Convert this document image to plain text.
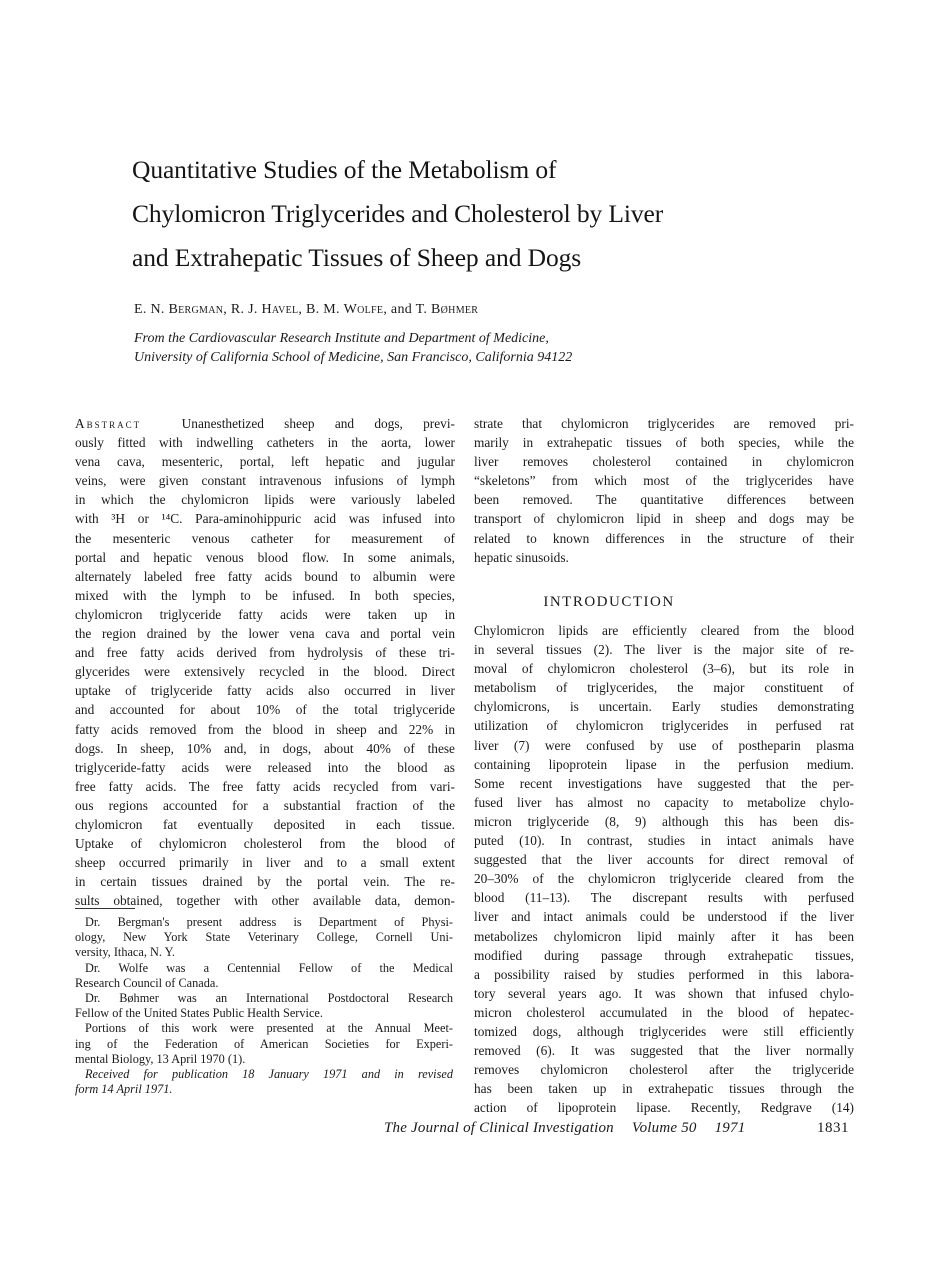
Quantitative Studies of the Metabolism of
Chylomicron Triglycerides and Cholesterol by Liver
and Extrahepatic Tissues of Sheep and Dogs
E. N. Bergman, R. J. Havel, B. M. Wolfe, and T. Bøhmer
From the Cardiovascular Research Institute and Department of Medicine,
University of California School of Medicine, San Francisco, California 94122
Abstract	Unanesthetized sheep and dogs, previ-
ously fitted with indwelling catheters in the aorta, lower
vena cava, mesenteric, portal, left hepatic and jugular
veins, were given constant intravenous infusions of lymph
in which the chylomicron lipids were variously labeled
with ³H or ¹⁴C. Para-aminohippuric acid was infused into
the mesenteric venous catheter for measurement of
portal and hepatic venous blood flow. In some animals,
alternately labeled free fatty acids bound to albumin were
mixed with the lymph to be infused. In both species,
chylomicron triglyceride fatty acids were taken up in
the region drained by the lower vena cava and portal vein
and free fatty acids derived from hydrolysis of these tri-
glycerides were extensively recycled in the blood. Direct
uptake of triglyceride fatty acids also occurred in liver
and accounted for about 10% of the total triglyceride
fatty acids removed from the blood in sheep and 22% in
dogs. In sheep, 10% and, in dogs, about 40% of these
triglyceride-fatty acids were released into the blood as
free fatty acids. The free fatty acids recycled from vari-
ous regions accounted for a substantial fraction of the
chylomicron fat eventually deposited in each tissue.
Uptake of chylomicron cholesterol from the blood of
sheep occurred primarily in liver and to a small extent
in certain tissues drained by the portal vein. The re-
sults obtained, together with other available data, demon-
Dr. Bergman's present address is Department of Physi-
ology, New York State Veterinary College, Cornell Uni-
versity, Ithaca, N. Y.
Dr. Wolfe was a Centennial Fellow of the Medical
Research Council of Canada.
Dr. Bøhmer was an International Postdoctoral Research
Fellow of the United States Public Health Service.
Portions of this work were presented at the Annual Meet-
ing of the Federation of American Societies for Experi-
mental Biology, 13 April 1970 (1).
Received for publication 18 January 1971 and in revised
form 14 April 1971.
strate that chylomicron triglycerides are removed pri-
marily in extrahepatic tissues of both species, while the
liver removes cholesterol contained in chylomicron
“skeletons” from which most of the triglycerides have
been removed. The quantitative differences between
transport of chylomicron lipid in sheep and dogs may be
related to known differences in the structure of their
hepatic sinusoids.
INTRODUCTION
Chylomicron lipids are efficiently cleared from the blood
in several tissues (2). The liver is the major site of re-
moval of chylomicron cholesterol (3–6), but its role in
metabolism of triglycerides, the major constituent of
chylomicrons, is uncertain. Early studies demonstrating
utilization of chylomicron triglycerides in perfused rat
liver (7) were confused by use of postheparin plasma
containing lipoprotein lipase in the perfusion medium.
Some recent investigations have suggested that the per-
fused liver has almost no capacity to metabolize chylo-
micron triglyceride (8, 9) although this has been dis-
puted (10). In contrast, studies in intact animals have
suggested that the liver accounts for direct removal of
20–30% of the chylomicron triglyceride cleared from the
blood (11–13). The discrepant results with perfused
liver and intact animals could be understood if the liver
metabolizes chylomicron lipid mainly after it has been
modified during passage through extrahepatic tissues,
a possibility raised by studies performed in this labora-
tory several years ago. It was shown that infused chylo-
micron cholesterol accumulated in the blood of hepatec-
tomized dogs, although triglycerides were still efficiently
removed (6). It was suggested that the liver normally
removes chylomicron cholesterol after the triglyceride
has been taken up in extrahepatic tissues through the
action of lipoprotein lipase. Recently, Redgrave (14)
The Journal of Clinical Investigation Volume 50 1971	1831
